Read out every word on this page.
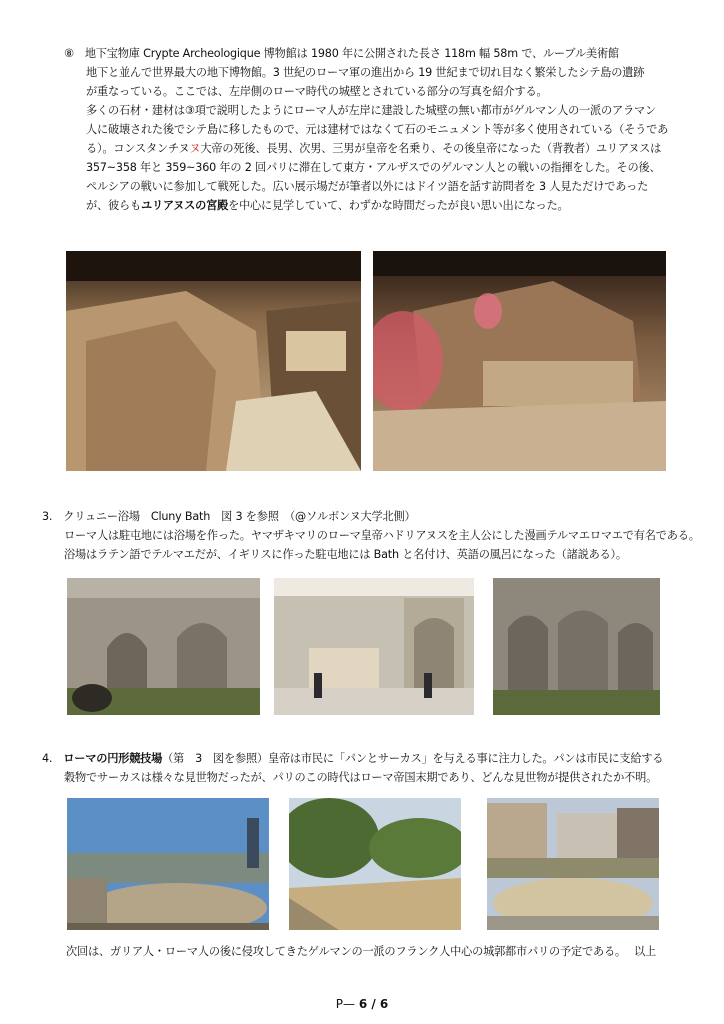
⑧　地下宝物庫 Crypte Archeologique 博物館は 1980 年に公開された長さ 118m 幅 58m で、ルーブル美術館
地下と並んで世界最大の地下博物館。3 世紀のローマ軍の進出から 19 世紀まで切れ目なく繁栄したシテ島の遺跡
が重なっている。ここでは、左岸側のローマ時代の城壁とされている部分の写真を紹介する。
多くの石材・建材は③項で説明したようにローマ人が左岸に建設した城壁の無い都市がゲルマン人の一派のアラマン
人に破壊された後でシテ島に移したもので、元は建材ではなくて石のモニュメント等が多く使用されている（そうであ
る）。コンスタンチヌヌ大帝の死後、長男、次男、三男が皇帝を名乗り、その後皇帝になった（背教者）ユリアヌスは
357~358 年と 359~360 年の 2 回パリに滞在して東方・アルザスでのゲルマン人との戦いの指揮をした。その後、
ペルシアの戦いに参加して戦死した。広い展示場だが筆者以外にはドイツ語を話す訪問者を 3 人見ただけであった
が、彼らもユリアヌスの宮殿を中心に見学していて、わずかな時間だったが良い思い出になった。
3.　クリュニー浴場　Cluny Bath　図 3 を参照　（@ソルボンヌ大学北側）
ローマ人は駐屯地には浴場を作った。ヤマザキマリのローマ皇帝ハドリアヌスを主人公にした漫画テルマエロマエで有名である。
浴場はラテン語でテルマエだが、イギリスに作った駐屯地には Bath と名付け、英語の風呂になった（諸説ある）。
4.　ローマの円形競技場（第　3　図を参照）皇帝は市民に「パンとサーカス」を与える事に注力した。パンは市民に支給する
穀物でサーカスは様々な見世物だったが、パリのこの時代はローマ帝国末期であり、どんな見世物が提供されたか不明。
次回は、ガリア人・ローマ人の後に侵攻してきたゲルマンの一派のフランク人中心の城郭都市パリの予定である。 以上
P— 6 / 6
